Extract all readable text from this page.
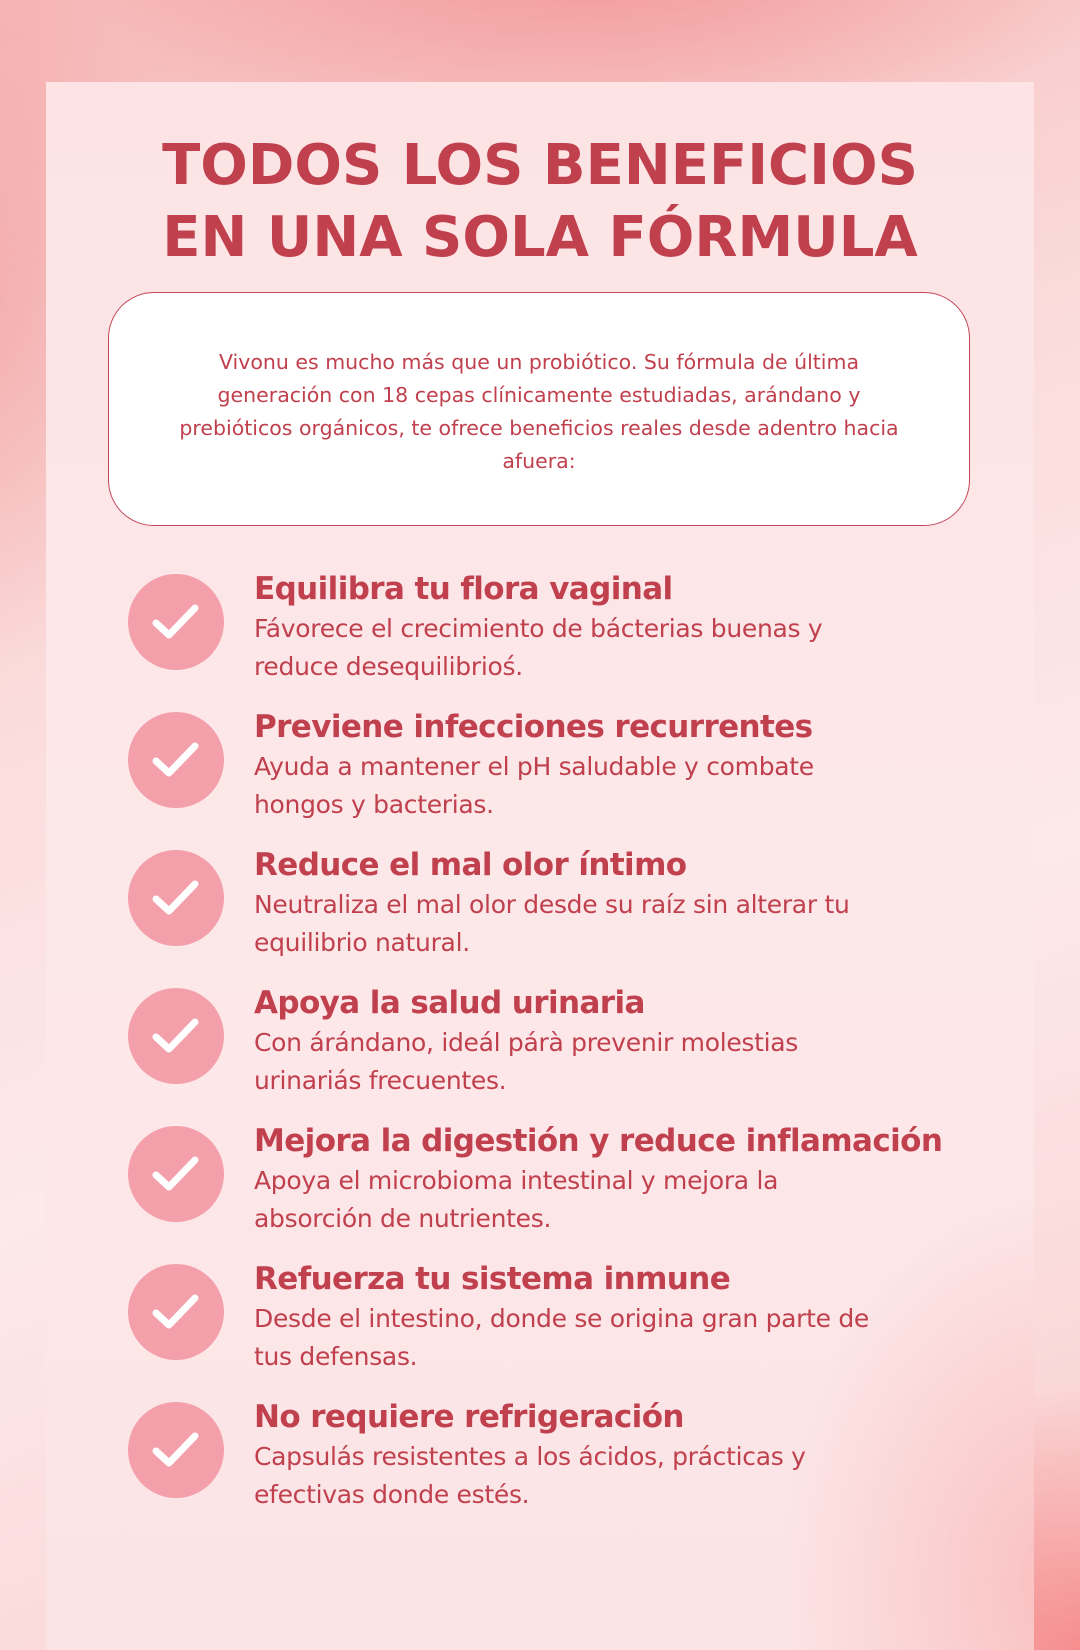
TODOS LOS BENEFICIOS
EN UNA SOLA FÓRMULA

Vivonu es mucho más que un probiótico. Su fórmula de última generación con 18 cepas clínicamente estudiadas, arándano y prebióticos orgánicos, te ofrece beneficios reales desde adentro hacia afuera:

Equilibra tu flora vaginal

Fávorece el crecimiento de bácterias buenas y reduce desequilibrioś.

Previene infecciones recurrentes

Ayuda a mantener el pH saludable y combate hongos y bacterias.

Reduce el mal olor íntimo

Neutraliza el mal olor desde su raíz sin alterar tu equilibrio natural.

Apoya la salud urinaria

Con árándano, ideál párà prevenir molestias urinariás frecuentes.

Mejora la digestión y reduce inflamación

Apoya el microbioma intestinal y mejora la absorción de nutrientes.

Refuerza tu sistema inmune

Desde el intestino, donde se origina gran parte de tus defensas.

No requiere refrigeración

Capsulás resistentes a los ácidos, prácticas y efectivas donde estés.
